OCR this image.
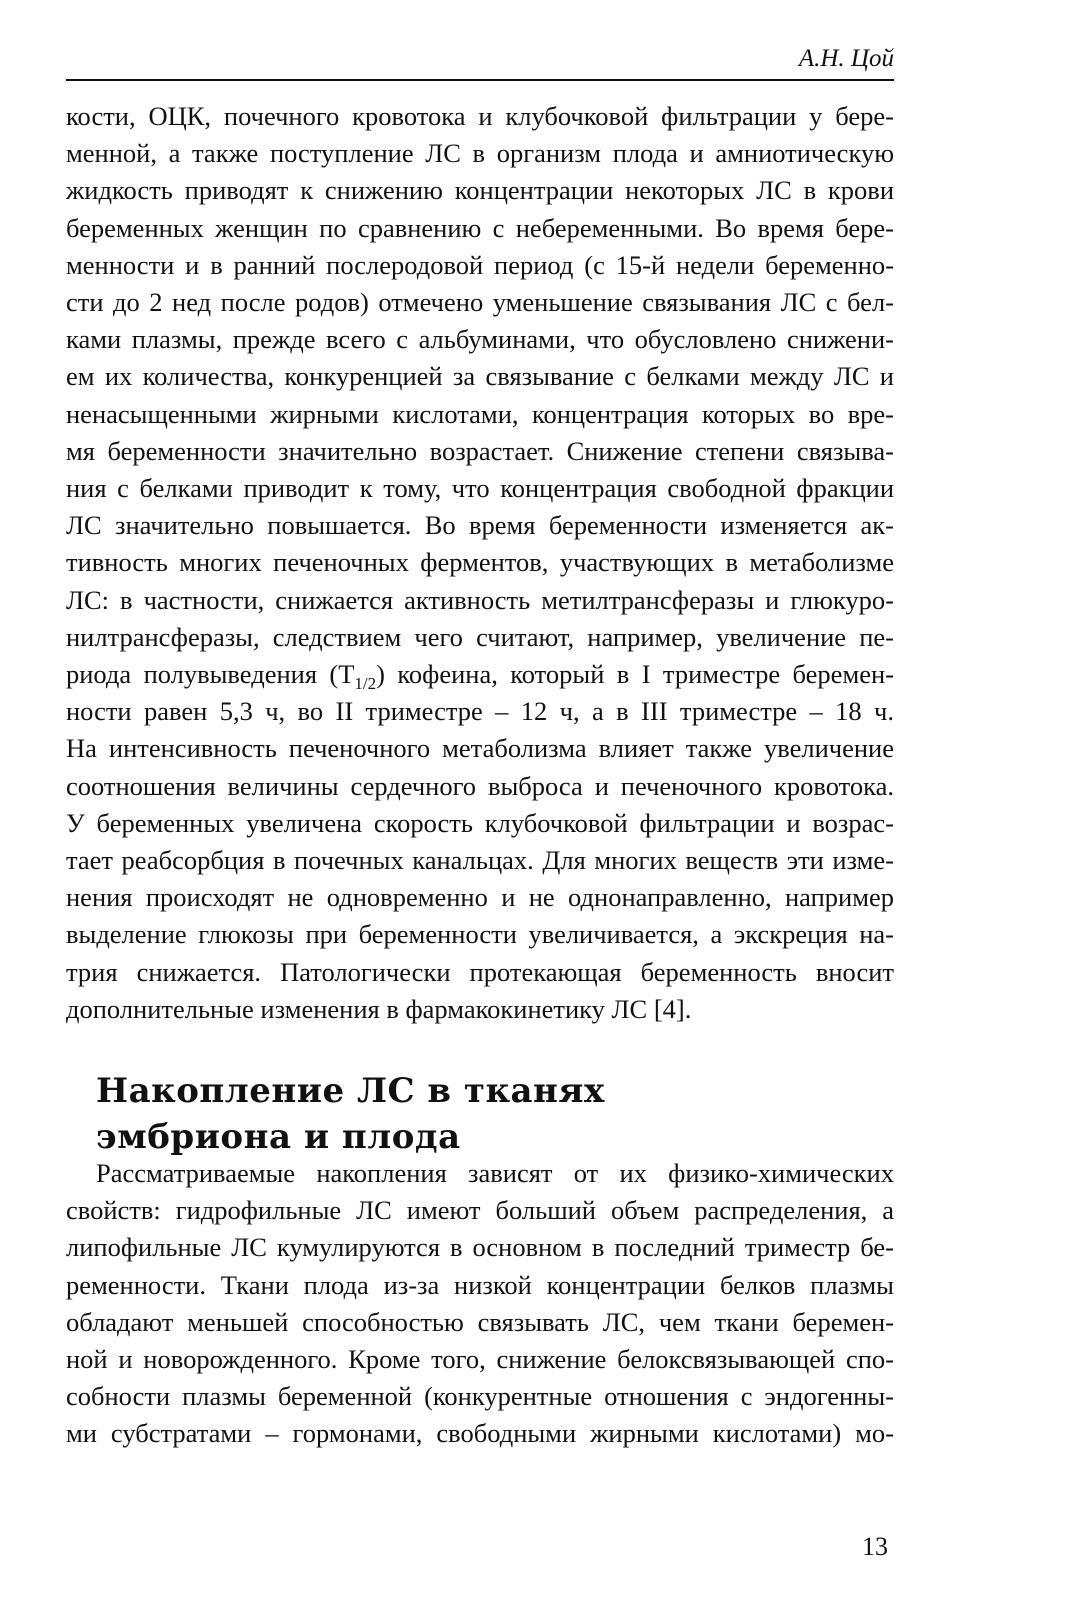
А.Н. Цой

кости, ОЦК, почечного кровотока и клубочковой фильтрации у бере-
менной, а также поступление ЛС в организм плода и амниотическую
жидкость приводят к снижению концентрации некоторых ЛС в крови
беременных женщин по сравнению с небеременными. Во время бере-
менности и в ранний послеродовой период (с 15-й недели беременно-
сти до 2 нед после родов) отмечено уменьшение связывания ЛС с бел-
ками плазмы, прежде всего с альбуминами, что обусловлено снижени-
ем их количества, конкуренцией за связывание с белками между ЛС и
ненасыщенными жирными кислотами, концентрация которых во вре-
мя беременности значительно возрастает. Снижение степени связыва-
ния с белками приводит к тому, что концентрация свободной фракции
ЛС значительно повышается. Во время беременности изменяется ак-
тивность многих печеночных ферментов, участвующих в метаболизме
ЛС: в частности, снижается активность метилтрансферазы и глюкуро-
нилтрансферазы, следствием чего считают, например, увеличение пе-
риода полувыведения $(T_{1/2})$ кофеина, который в I триместре беремен-
ности равен 5,3 ч, во II триместре – 12 ч, а в III триместре – 18 ч.
На интенсивность печеночного метаболизма влияет также увеличение
соотношения величины сердечного выброса и печеночного кровотока.
У беременных увеличена скорость клубочковой фильтрации и возрас-
тает реабсорбция в почечных канальцах. Для многих веществ эти изме-
нения происходят не одновременно и не однонаправленно, например
выделение глюкозы при беременности увеличивается, а экскреция на-
трия снижается. Патологически протекающая беременность вносит
дополнительные изменения в фармакокинетику ЛС [4].

Накопление ЛС в тканях
эмбриона и плода

Рассматриваемые накопления зависят от их физико-химических
свойств: гидрофильные ЛС имеют больший объем распределения, а
липофильные ЛС кумулируются в основном в последний триместр бе-
ременности. Ткани плода из-за низкой концентрации белков плазмы
обладают меньшей способностью связывать ЛС, чем ткани беремен-
ной и новорожденного. Кроме того, снижение белоксвязывающей спо-
собности плазмы беременной (конкурентные отношения с эндогенны-
ми субстратами – гормонами, свободными жирными кислотами) мо-

13
